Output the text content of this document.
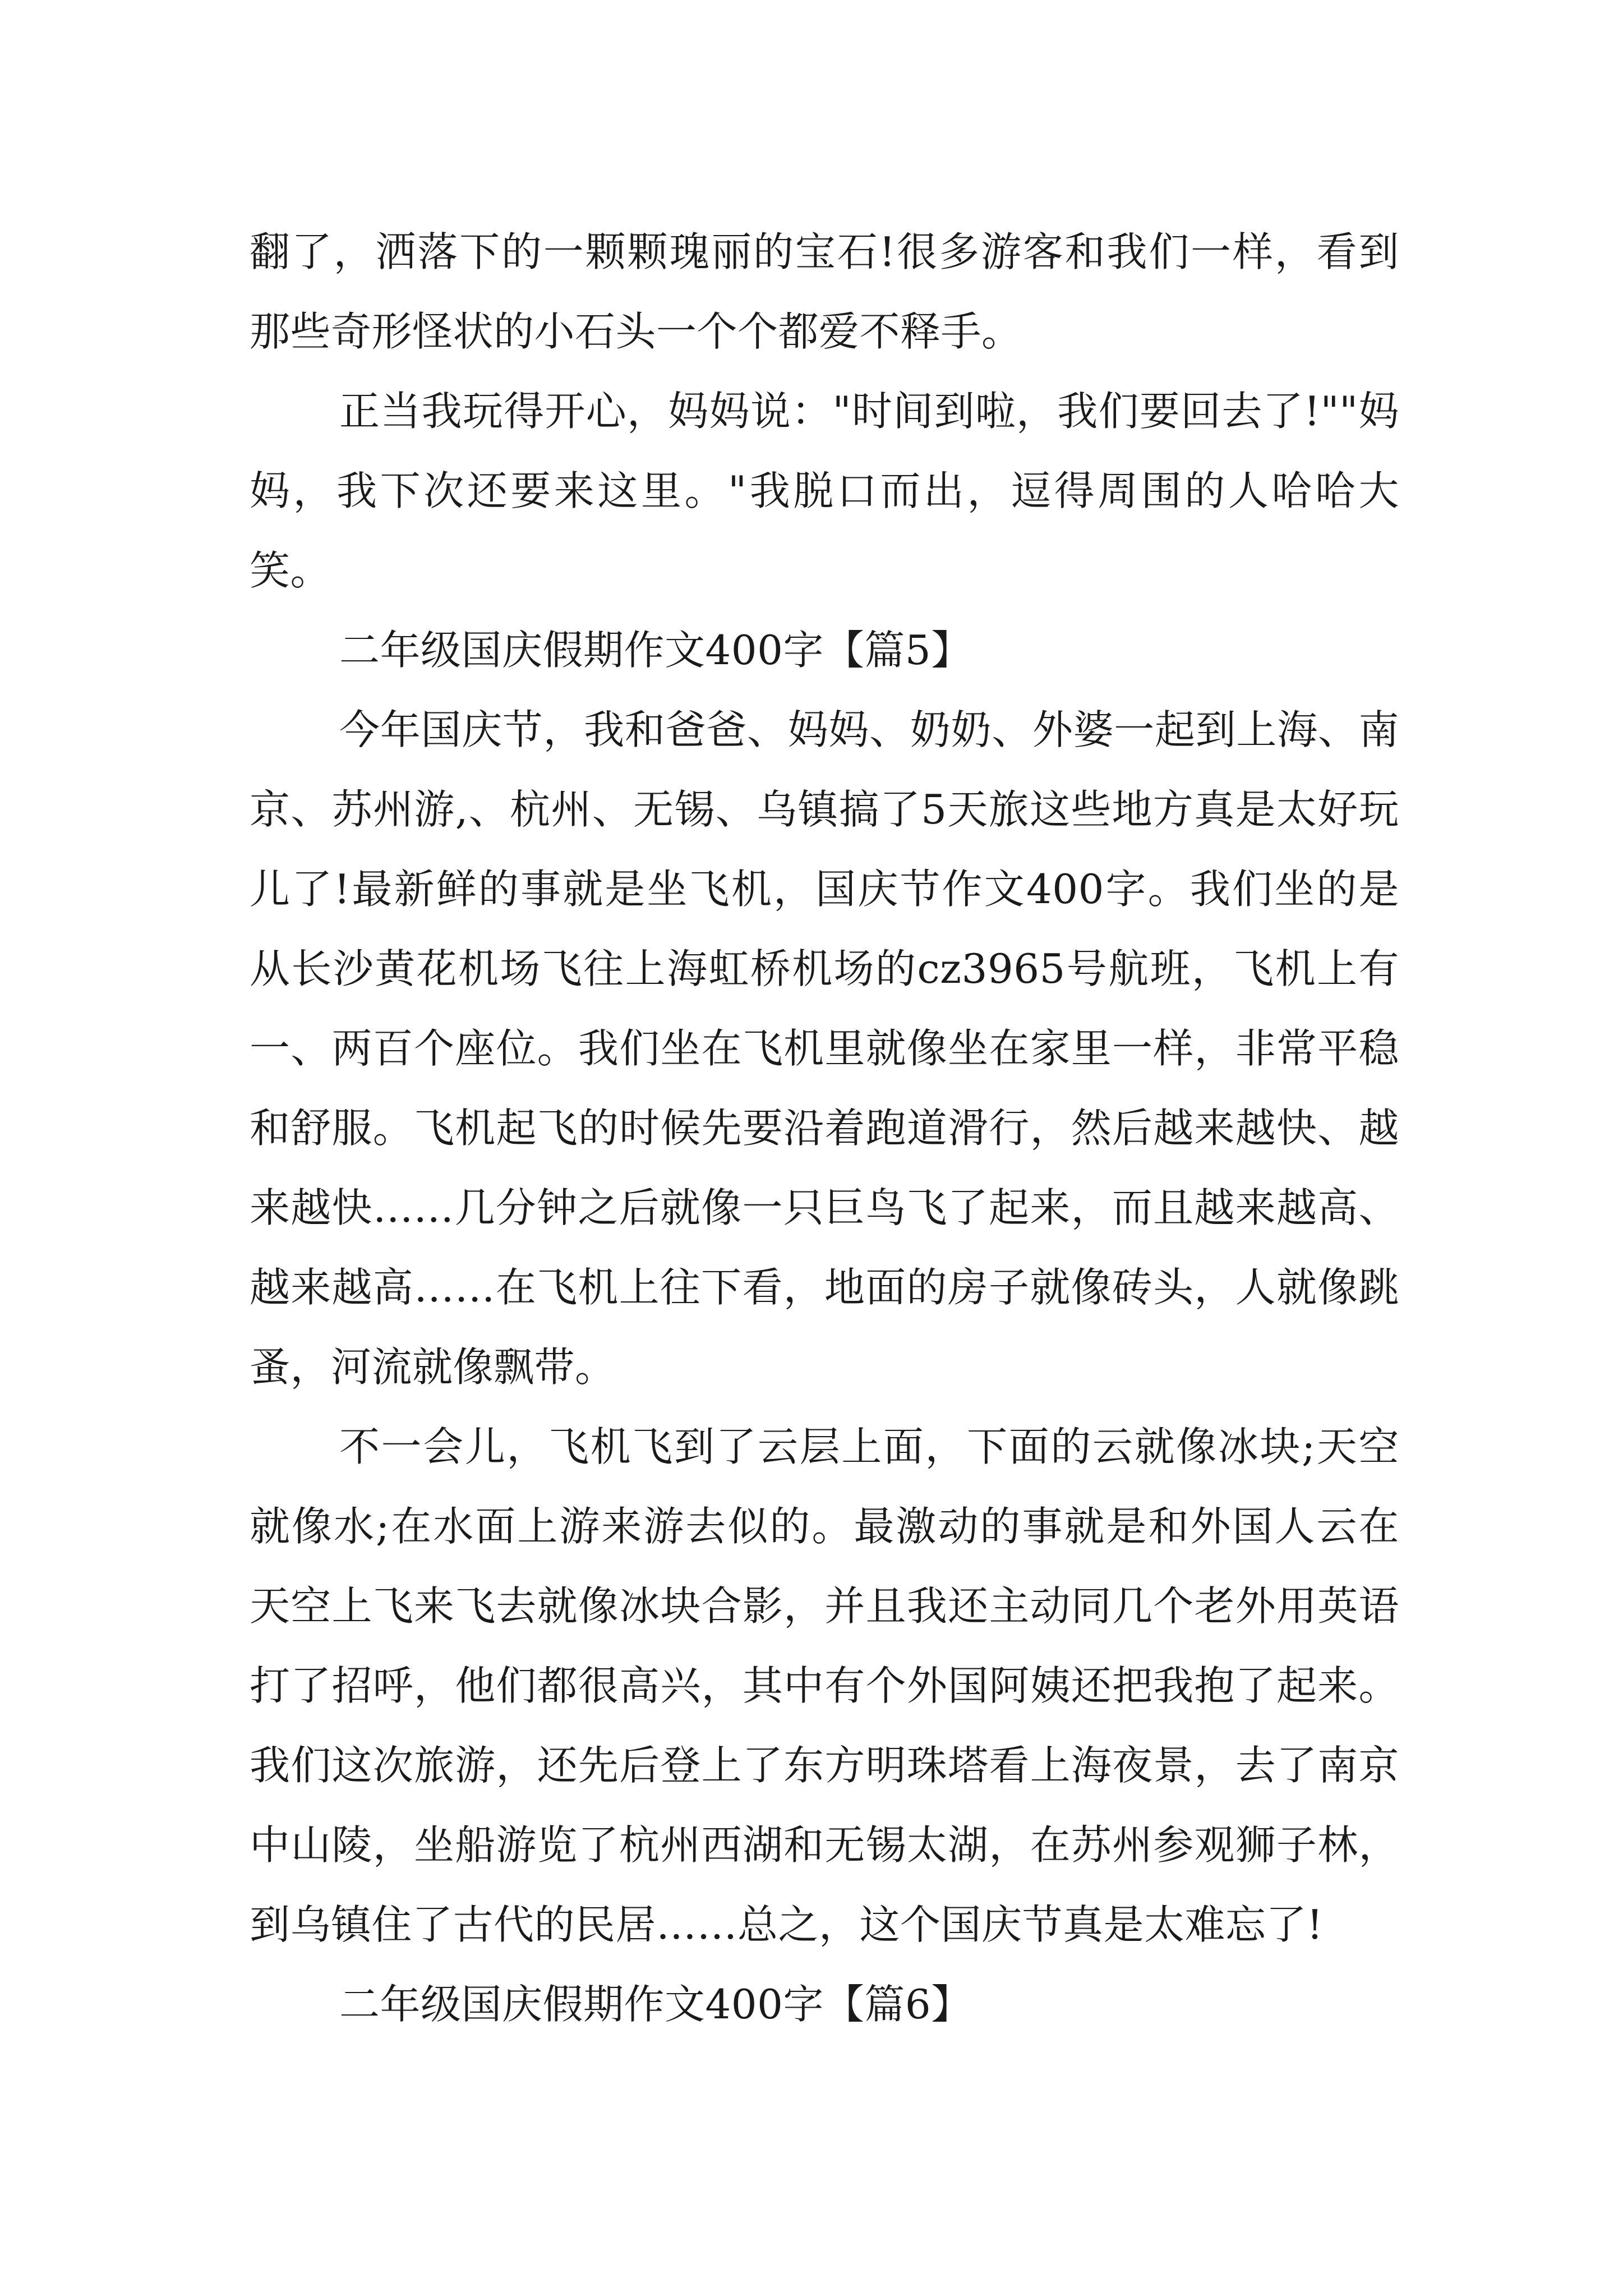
翻了，洒落下的一颗颗瑰丽的宝石!很多游客和我们一样，看到那些奇形怪状的小石头一个个都爱不释手。

正当我玩得开心，妈妈说："时间到啦，我们要回去了!""妈妈，我下次还要来这里。"我脱口而出，逗得周围的人哈哈大笑。

二年级国庆假期作文400字【篇5】

今年国庆节，我和爸爸、妈妈、奶奶、外婆一起到上海、南京、苏州游,、杭州、无锡、乌镇搞了5天旅这些地方真是太好玩儿了!最新鲜的事就是坐飞机，国庆节作文400字。我们坐的是从长沙黄花机场飞往上海虹桥机场的cz3965号航班，飞机上有一、两百个座位。我们坐在飞机里就像坐在家里一样，非常平稳和舒服。飞机起飞的时候先要沿着跑道滑行，然后越来越快、越来越快……几分钟之后就像一只巨鸟飞了起来，而且越来越高、越来越高……在飞机上往下看，地面的房子就像砖头，人就像跳蚤，河流就像飘带。

不一会儿，飞机飞到了云层上面，下面的云就像冰块;天空就像水;在水面上游来游去似的。最激动的事就是和外国人云在天空上飞来飞去就像冰块合影，并且我还主动同几个老外用英语打了招呼，他们都很高兴，其中有个外国阿姨还把我抱了起来。我们这次旅游，还先后登上了东方明珠塔看上海夜景，去了南京中山陵，坐船游览了杭州西湖和无锡太湖，在苏州参观狮子林，到乌镇住了古代的民居……总之，这个国庆节真是太难忘了!

二年级国庆假期作文400字【篇6】
